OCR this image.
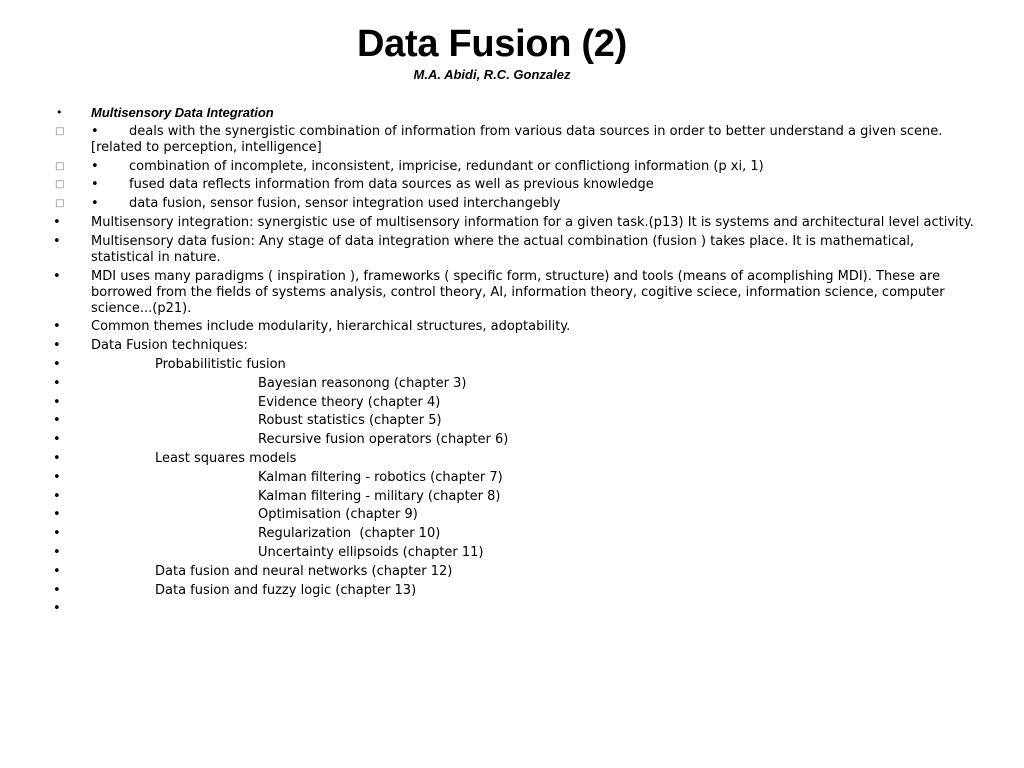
Data Fusion (2)
M.A. Abidi, R.C. Gonzalez
•	Multisensory Data Integration
□	• deals with the synergistic combination of information from various data sources in order to better understand a given scene. [related to perception, intelligence]
□	• combination of incomplete, inconsistent, impricise, redundant or conflictiong information (p xi, 1)
□	• fused data reflects information from data sources as well as previous knowledge
□	• data fusion, sensor fusion, sensor integration used interchangebly
•	Multisensory integration: synergistic use of multisensory information for a given task.(p13) It is systems and architectural level activity.
•	Multisensory data fusion: Any stage of data integration where the actual combination (fusion ) takes place. It is mathematical, statistical in nature.
•	MDI uses many paradigms ( inspiration ), frameworks ( specific form, structure) and tools (means of acomplishing MDI). These are borrowed from the fields of systems analysis, control theory, AI, information theory, cogitive sciece, information science, computer science...(p21).
•	Common themes include modularity, hierarchical structures, adoptability.
•	Data Fusion techniques:
•	Probabilitistic fusion
•	Bayesian reasonong (chapter 3)
•	Evidence theory (chapter 4)
•	Robust statistics (chapter 5)
•	Recursive fusion operators (chapter 6)
•	Least squares models
•	Kalman filtering - robotics (chapter 7)
•	Kalman filtering - military (chapter 8)
•	Optimisation (chapter 9)
•	Regularization  (chapter 10)
•	Uncertainty ellipsoids (chapter 11)
•	Data fusion and neural networks (chapter 12)
•	Data fusion and fuzzy logic (chapter 13)
•
